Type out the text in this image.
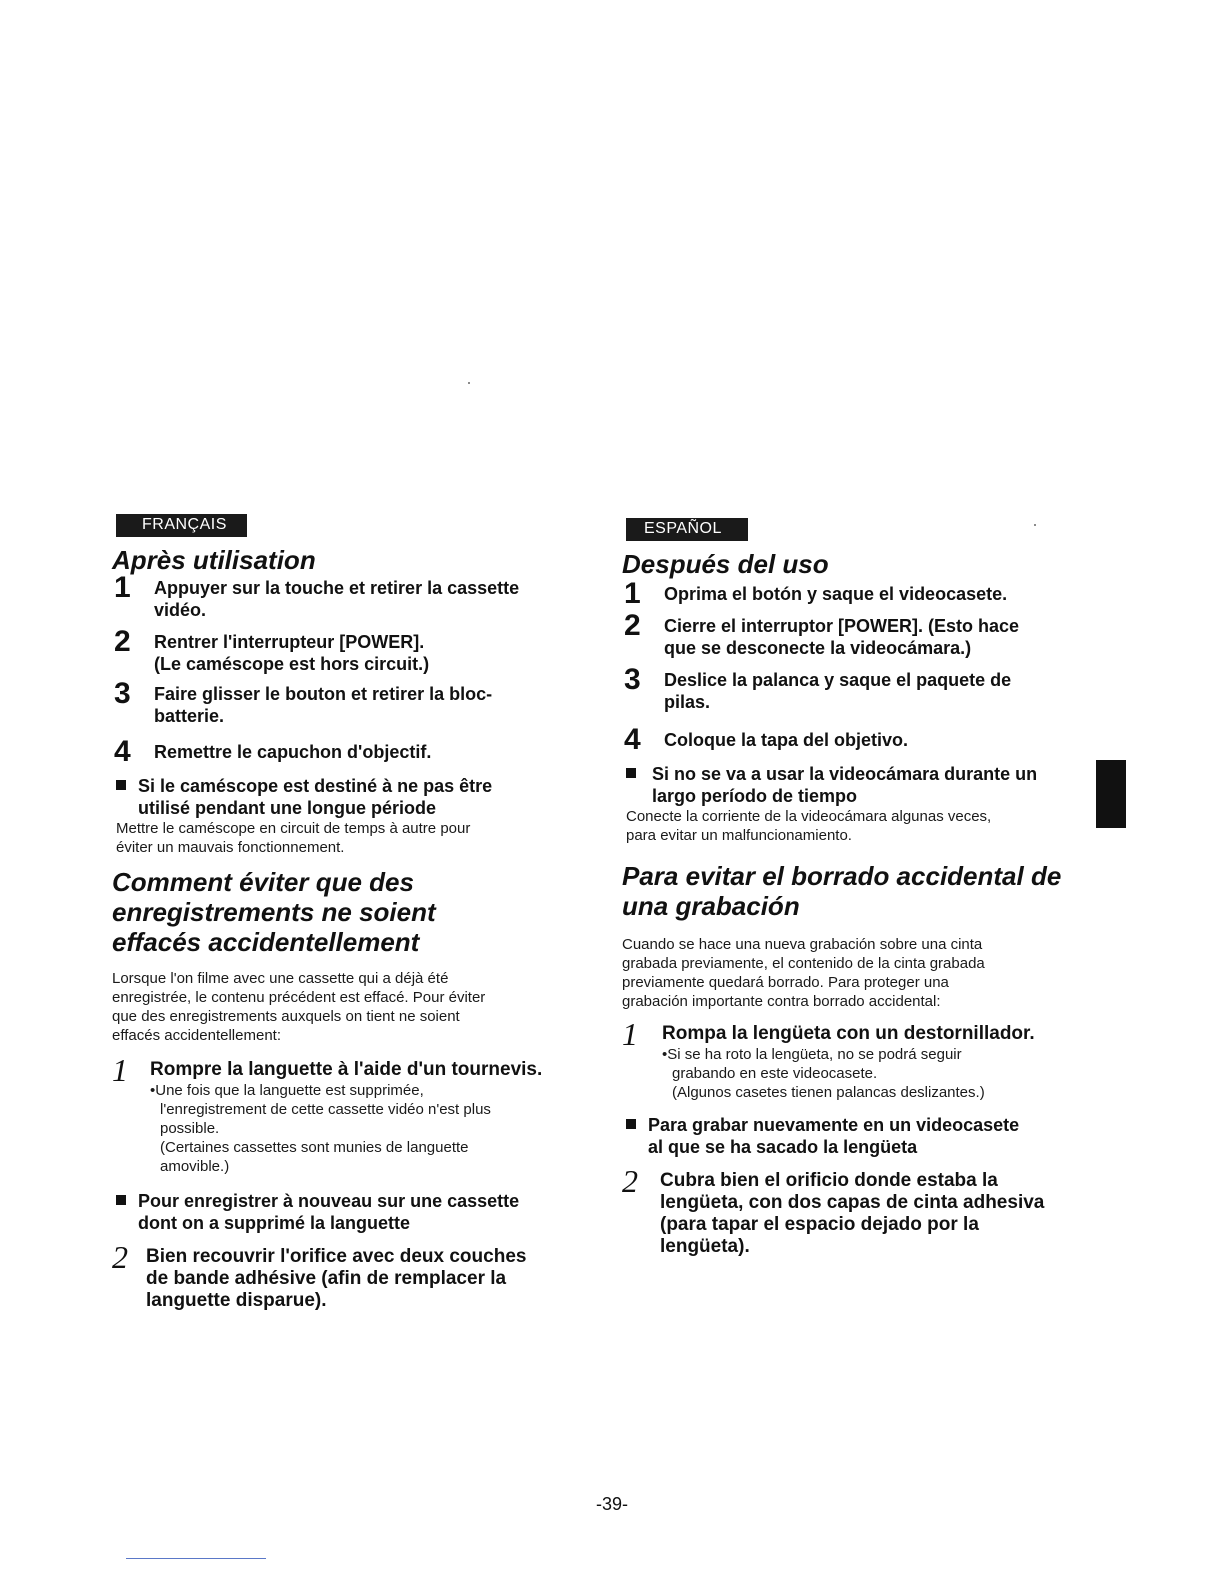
FRANÇAIS
Après utilisation
1 Appuyer sur la touche et retirer la cassette
vidéo.
2 Rentrer l'interrupteur [POWER].
(Le caméscope est hors circuit.)
3 Faire glisser le bouton et retirer la bloc-
batterie.
4 Remettre le capuchon d'objectif.
Si le caméscope est destiné à ne pas être
utilisé pendant une longue période
Mettre le caméscope en circuit de temps à autre pour
éviter un mauvais fonctionnement.
Comment éviter que des
enregistrements ne soient
effacés accidentellement
Lorsque l'on filme avec une cassette qui a déjà été
enregistrée, le contenu précédent est effacé. Pour éviter
que des enregistrements auxquels on tient ne soient
effacés accidentellement:
1 Rompre la languette à l'aide d'un tournevis.
•Une fois que la languette est supprimée,
l'enregistrement de cette cassette vidéo n'est plus
possible.
(Certaines cassettes sont munies de languette
amovible.)
Pour enregistrer à nouveau sur une cassette
dont on a supprimé la languette
2 Bien recouvrir l'orifice avec deux couches
de bande adhésive (afin de remplacer la
languette disparue).
ESPAÑOL
Después del uso
1 Oprima el botón y saque el videocasete.
2 Cierre el interruptor [POWER]. (Esto hace
que se desconecte la videocámara.)
3 Deslice la palanca y saque el paquete de
pilas.
4 Coloque la tapa del objetivo.
Si no se va a usar la videocámara durante un
largo período de tiempo
Conecte la corriente de la videocámara algunas veces,
para evitar un malfuncionamiento.
Para evitar el borrado accidental de
una grabación
Cuando se hace una nueva grabación sobre una cinta
grabada previamente, el contenido de la cinta grabada
previamente quedará borrado. Para proteger una
grabación importante contra borrado accidental:
1 Rompa la lengüeta con un destornillador.
•Si se ha roto la lengüeta, no se podrá seguir
grabando en este videocasete.
(Algunos casetes tienen palancas deslizantes.)
Para grabar nuevamente en un videocasete
al que se ha sacado la lengüeta
2 Cubra bien el orificio donde estaba la
lengüeta, con dos capas de cinta adhesiva
(para tapar el espacio dejado por la
lengüeta).
-39-
